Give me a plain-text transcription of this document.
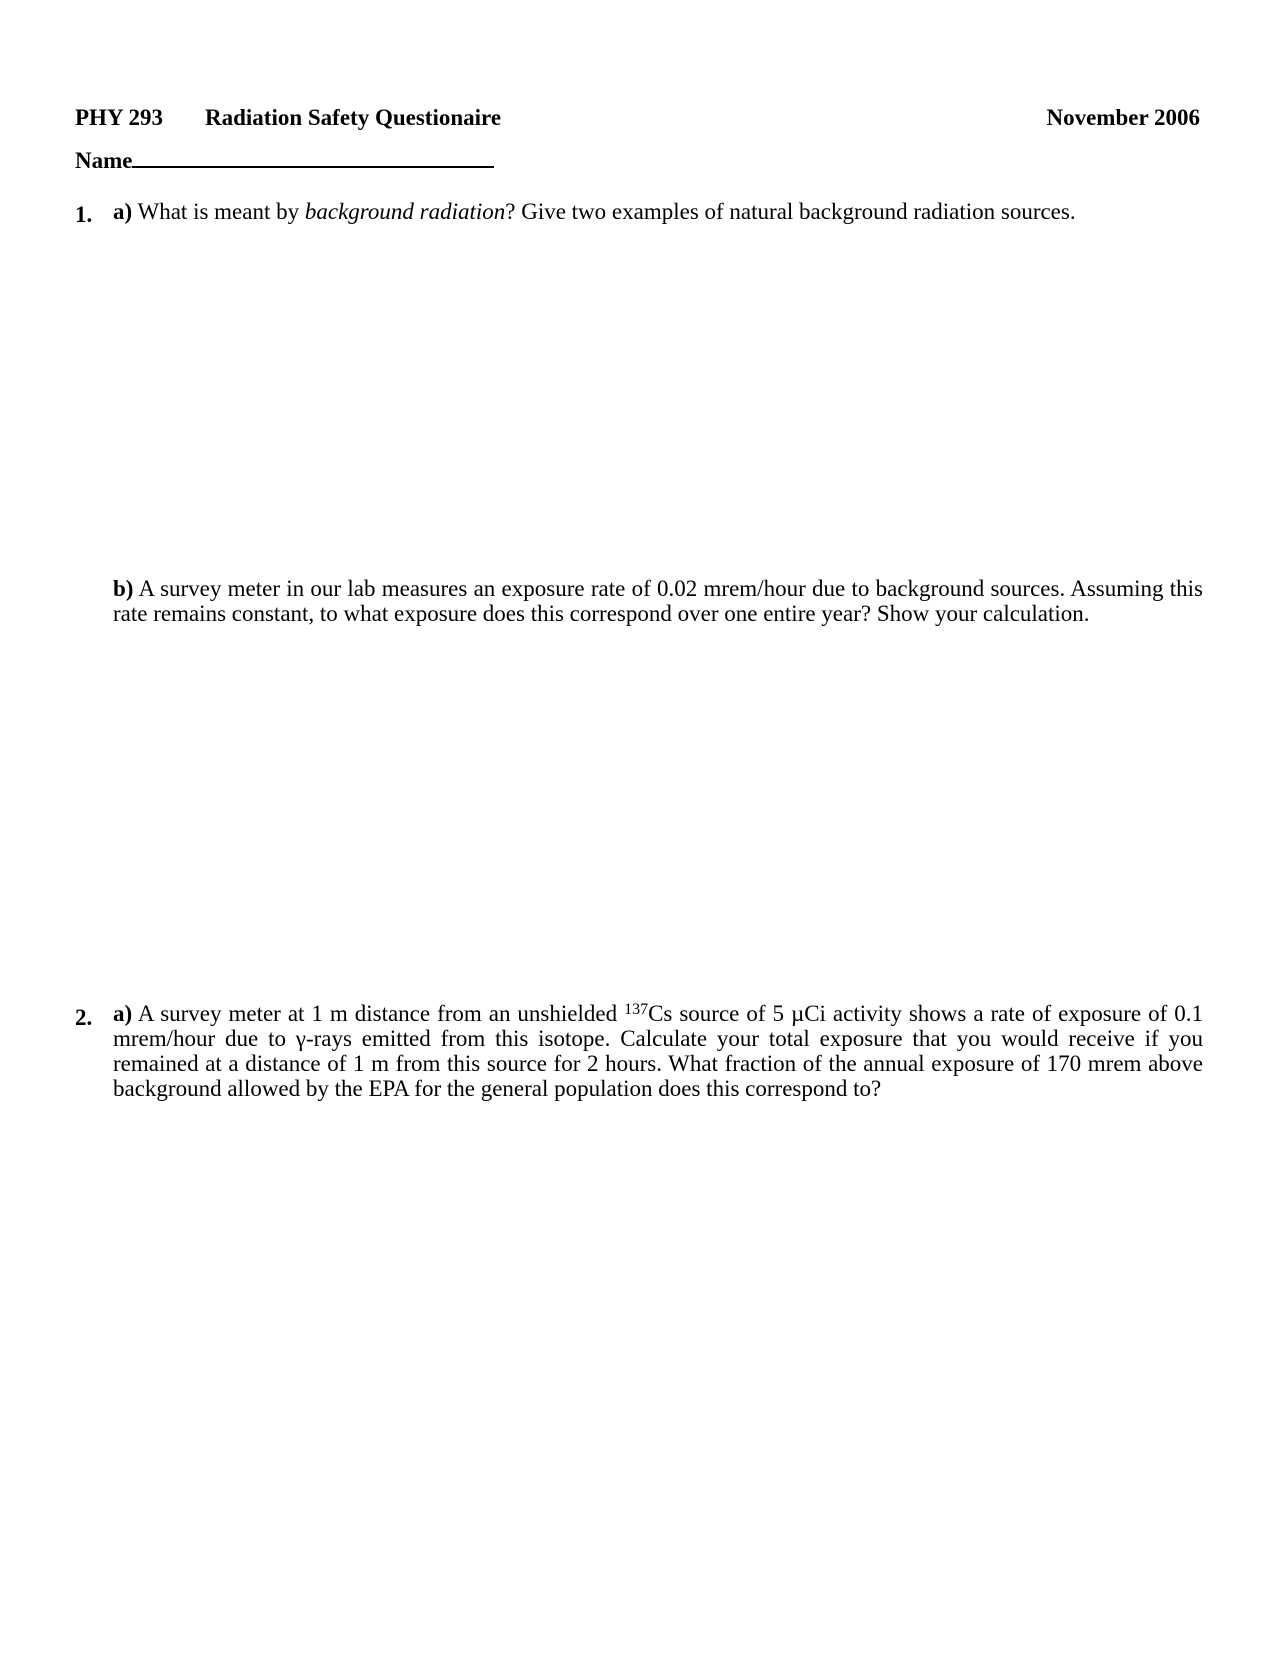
PHY 293 Radiation Safety Questionaire	November 2006
Name
1. a) What is meant by background radiation? Give two examples of natural background radiation sources.
b) A survey meter in our lab measures an exposure rate of 0.02 mrem/hour due to background sources. Assuming this rate remains constant, to what exposure does this correspond over one entire year? Show your calculation.
2. a) A survey meter at 1 m distance from an unshielded $^{137}$Cs source of 5 µCi activity shows a rate of exposure of 0.1 mrem/hour due to γ-rays emitted from this isotope. Calculate your total exposure that you would receive if you remained at a distance of 1 m from this source for 2 hours. What fraction of the annual exposure of 170 mrem above background allowed by the EPA for the general population does this correspond to?
